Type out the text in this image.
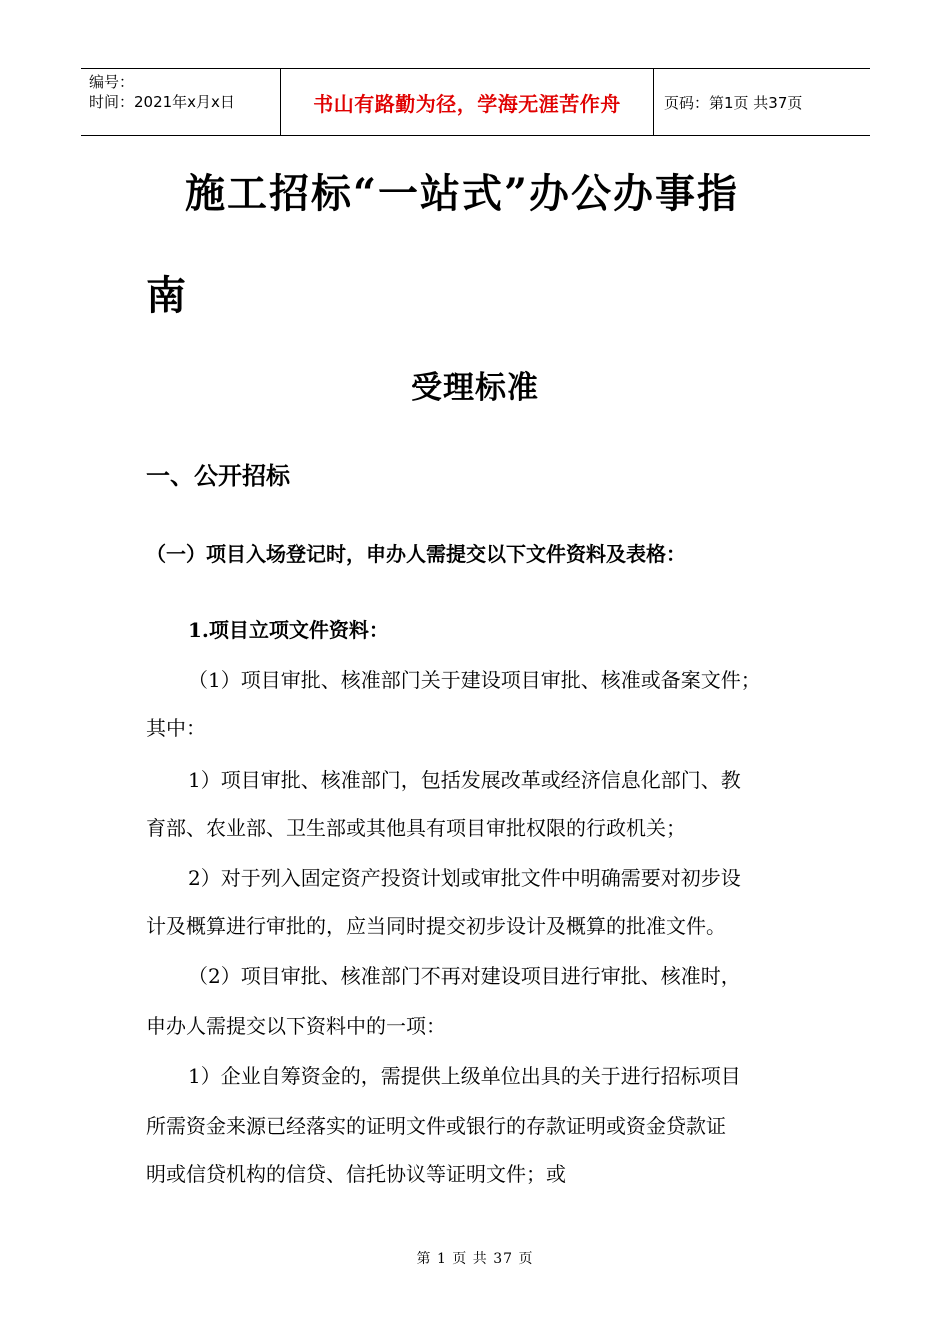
编号：
时间：2021年x月x日	书山有路勤为径，学海无涯苦作舟	页码：第1页 共37页
施工招标“一站式”办公办事指
南
受理标准
一、公开招标
（一）项目入场登记时，申办人需提交以下文件资料及表格：
1.项目立项文件资料：
（1）项目审批、核准部门关于建设项目审批、核准或备案文件；
其中：
1）项目审批、核准部门，包括发展改革或经济信息化部门、教
育部、农业部、卫生部或其他具有项目审批权限的行政机关；
2）对于列入固定资产投资计划或审批文件中明确需要对初步设
计及概算进行审批的，应当同时提交初步设计及概算的批准文件。
（2）项目审批、核准部门不再对建设项目进行审批、核准时，
申办人需提交以下资料中的一项：
1）企业自筹资金的，需提供上级单位出具的关于进行招标项目
所需资金来源已经落实的证明文件或银行的存款证明或资金贷款证
明或信贷机构的信贷、信托协议等证明文件；或
第 1 页 共 37 页
